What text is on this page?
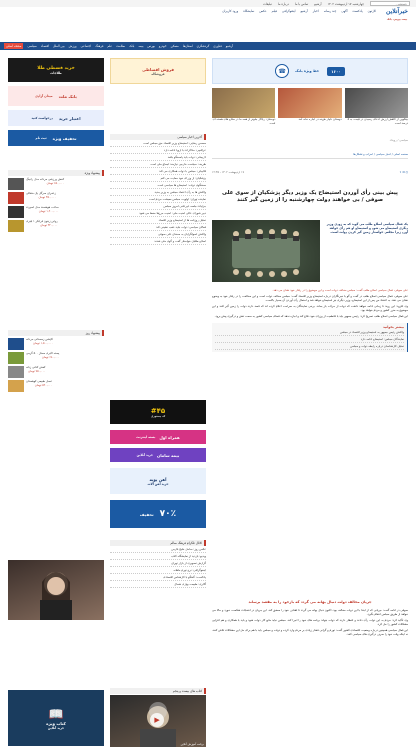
جستجو...
چهارشنبه ۱۷ اردیبهشت ۱۴۰۲
آرشیو
تماس با ما
درباره ما
تبلیغات
خبرآنلاین
بیمه، بورس، بانک
کارتون
پادکست
آگهی
چند رسانه
اخبار
آرشیو
اینفوگرافی
فیلم
عکس
نمایشگاه
ورود کاربران
صفحه اصلی	سیاسی اقتصاد بین الملل ورزش اجتماعی فرهنگ علم سلامت بانک بیمه بورس خودرو مسکن استان‌ها گردشگری فناوری آرشیو
۱۶۰۰
خط ویژه بانک
☎
دوستان: ریاکار جلوتر از همه ما در سلاح های هسته ای است
دوستان ناچار هزینه در اجاره خانه آمد	بیتکوین از کاهش ارزش ادعای رسیدن در قیمت به ۵ درصد است
سیاسی / رویداد
صفحه اصلی / اخبار سیاسی / احزاب و تشکل‌ها
۱۷ اردیبهشت ۱۴۰۲ - ۱۲:۴۵	⎙ ✉ ⇪
پیش بینی رأی آوردن استیضاح یک وزیر دیگر پزشکیان از سوی علی صوفی / بی خواهند دولت چهارشنبه را از زمین گیر کنند
یک فعال سیاسی اصلاح طلب می گوید که به زودی وزیر دیگری استیضاح می شود و استیضاح او هم رأی خواهد آورد زیرا مجلس خواستار زمین گیر کردن دولت است.

علی صوفی، فعال سیاسی اصلاح طلب گفت: مجلس مخالف دولت است و این موضوع را در رفتار خود نشان می دهد.

علی صوفی، فعال سیاسی اصلاح طلب در گفت و گو با خبرنگاران درباره استیضاح وزیر اقتصاد گفت: مجلس مخالف دولت است و این مخالفت را در رفتار خود به وضوح نشان می دهد. به اعتقاد من پس از این استیضاح، وزیر دیگری نیز استیضاح خواهد شد و احتمال رأی آوردن آن بسیار بالاست.

وی افزود: این روند تا زمانی ادامه خواهد داشت که دولت از حرکت باز بماند. برخی نمایندگان به صراحت اعلام کرده اند که قصد دارند دولت را زمین گیر کنند و این موضوع به ضرر کشور و مردم خواهد بود.

این فعال سیاسی اصلاح طلب تصریح کرد: رئیس جمهور باید با قاطعیت از وزرای خود دفاع کند و اجازه ندهد که فضای سیاسی کشور به سمت تنش و درگیری پیش برود.

بیشتر بخوانید
واکنش رئیس جمهور به استیضاح وزیر اقتصاد در مجلس
نمایندگان مجلس: استیضاح ادامه دارد
تحلیل کارشناسان درباره رابطه دولت و مجلس
جریان مخالف دولت دنبال بهانه می گردد که بازخود را به مقصد برساند

صوفی در ادامه گفت: جریانی که از ابتدا با این دولت مخالف بود، اکنون دنبال بهانه می گردد تا اهداف خود را محقق کند. این جریان در انتخابات شکست خورد و حالا می خواهد از طریق مجلس انتقام بگیرد.

وی تأکید کرد: مردم به این دولت رأی دادند و انتظار دارند که دولت بتواند برنامه های خود را اجرا کند. مجلس نباید مانع کار دولت شود و باید با همکاری و هم افزایی مشکلات کشور را حل کرد.

این فعال سیاسی همچنین درباره وضعیت اقتصادی کشور گفت: تورم و گرانی فشار زیادی بر مردم وارد کرده و دولت و مجلس باید با هم برای حل این مشکلات تلاش کنند، نه اینکه وقت خود را صرف درگیری های سیاسی کنند.

فروش اقساطی
فروشگاه
آخرین اخبار سیاسی
محسن رضایی: استیضاح وزیر اقتصاد حق مجلس است
عراقچی: مذاکرات با اروپا ادامه دارد
لاریجانی: دولت باید پاسخگو باشد
ظریف: سیاست خارجی نیازمند اجماع ملی است
قالیباف: مجلس با دولت همکاری می کند
پزشکیان: از وزرای خود حمایت می کنم
سخنگوی دولت: استیضاح ها سیاسی است
واکنش ها به رأی اعتماد مجلس به وزیر جدید
نماینده تهران: اولویت مجلس معیشت مردم است
جزئیات جلسه غیرعلنی امروز مجلس
دبیر شورای عالی امنیت ملی: امنیت مرزها حفظ می شود
تحلیل روزنامه ها از استیضاح وزیر اقتصاد
فعالان سیاسی: دولت نباید عقب نشینی کند
واکنش اصولگرایان به سخنان علی صوفی
اصلاح طلبان خواستار گفت و گوی ملی شدند
#۴۵
کد دستوری
همراه اول
بسته اینترنت
بیمه سامان
خرید آنلاین
آهن پویه
خرید آهن آلات
۷۰٪
تخفیف
کانال تلگرام فرهنگ سالم
عکس روز: ساحل خلیج فارس
ویدیو: بازدید از نمایشگاه کتاب
گزارش تصویری از بازار تهران
اینفوگرافی: نرخ تورم ماهانه
پادکست: گفتگو با کارشناس اقتصادی
گالری: طبیعت بهاری شمال
کتاب های بیست و پنجم
▶
برنامه آموزش آنلاین
خرید قسطی طلا
طلاجات
بانک ملت
میدان آزادی
اعتبار خرید
درخواست کنید
تخفیف ویژه
ثبت نام
پیشنهاد ویژه
کفش ورزشی مردانه مدل رانینگ
۸۹۰,۰۰۰ تومان
زعفران سرگل یک مثقالی
۴۵۰,۰۰۰ تومان
ساعت هوشمند مدل اسپرت
۱,۲۰۰,۰۰۰ تومان
روغن زیتون فرابکر ۱ لیتری
۳۲۰,۰۰۰ تومان
پیشنهاد روز
کاپشن زمستانی مردانه
۱,۵۰۰,۰۰۰ تومان
پسته اکبری ممتاز ۵۰۰ گرمی
۶۸۰,۰۰۰ تومان
کفش کتانی زنانه
۷۵۰,۰۰۰ تومان
عسل طبیعی کوهستان
۵۲۰,۰۰۰ تومان
📖
کتاب ویژه
خرید آنلاین
